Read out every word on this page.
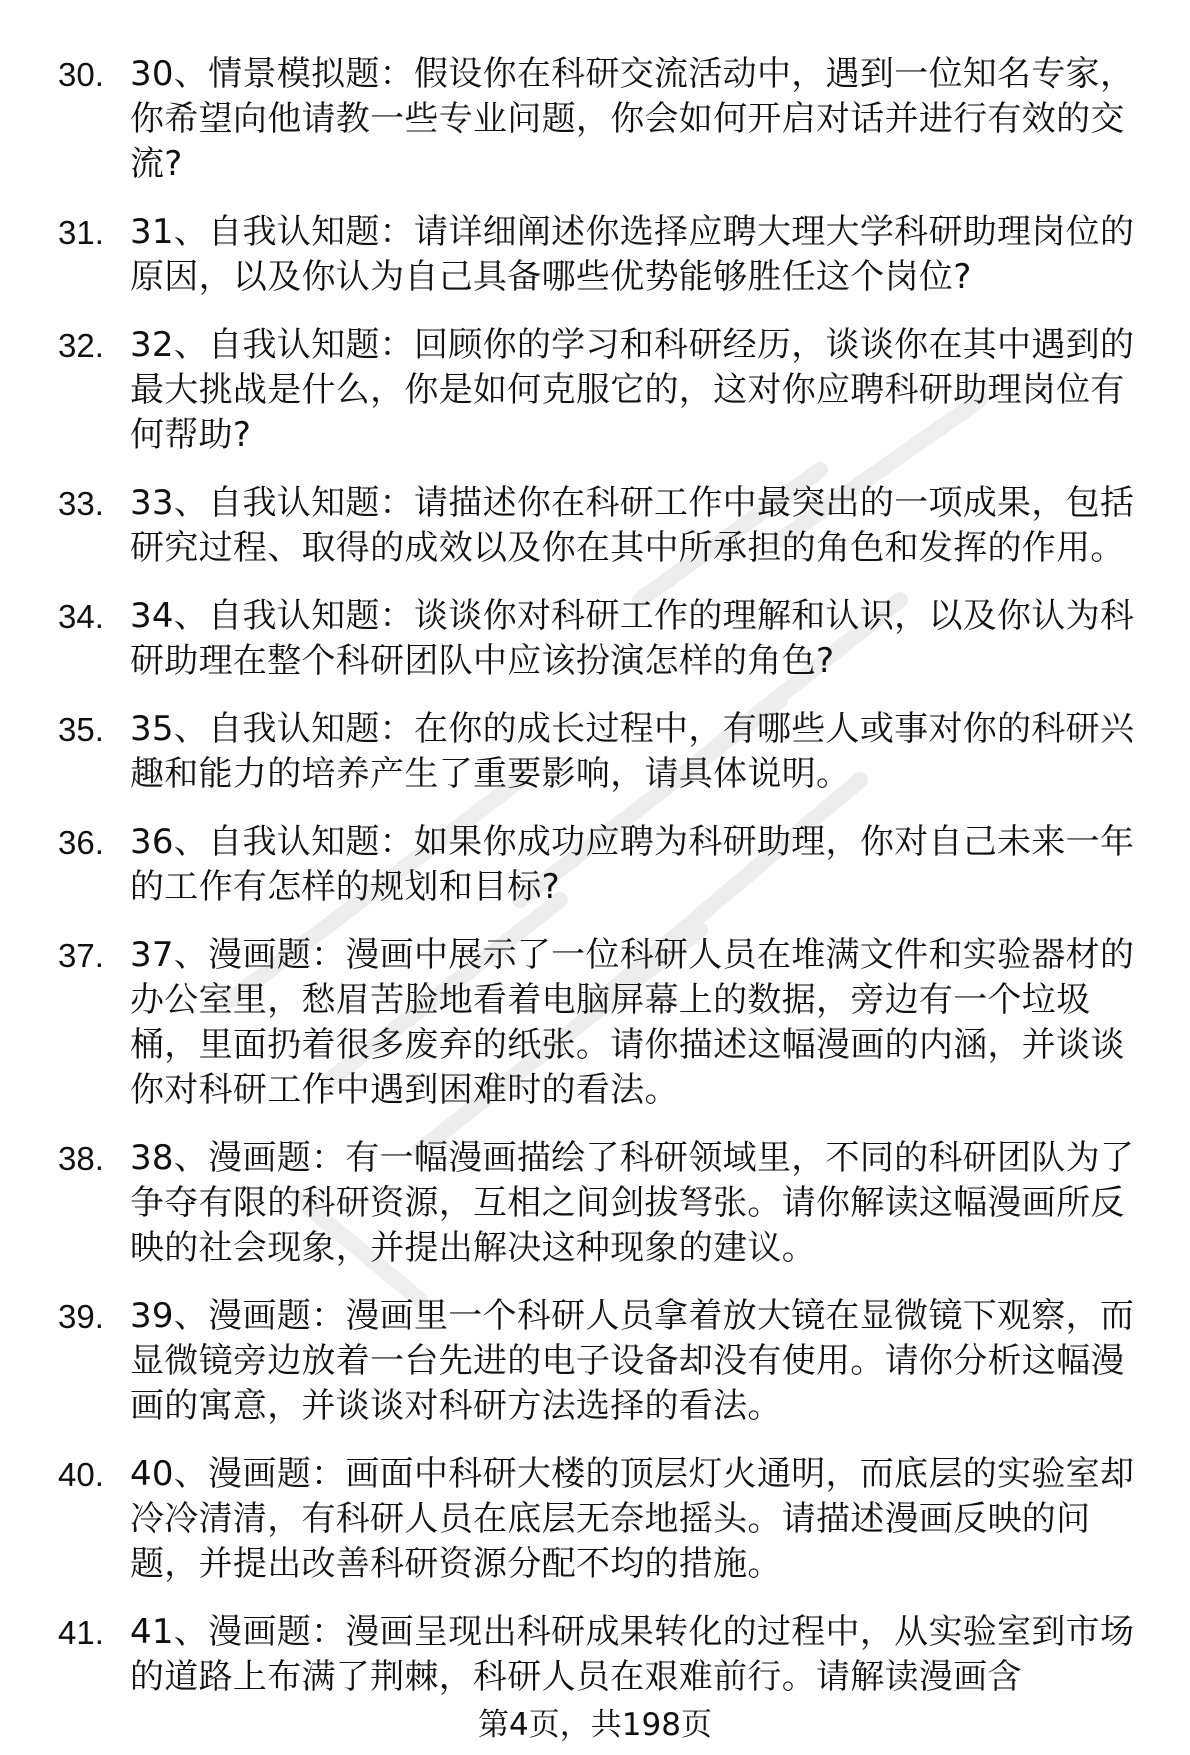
30. 30、情景模拟题：假设你在科研交流活动中，遇到一位知名专家，你希望向他请教一些专业问题，你会如何开启对话并进行有效的交流?
31. 31、自我认知题：请详细阐述你选择应聘大理大学科研助理岗位的原因，以及你认为自己具备哪些优势能够胜任这个岗位?
32. 32、自我认知题：回顾你的学习和科研经历，谈谈你在其中遇到的最大挑战是什么，你是如何克服它的，这对你应聘科研助理岗位有何帮助?
33. 33、自我认知题：请描述你在科研工作中最突出的一项成果，包括研究过程、取得的成效以及你在其中所承担的角色和发挥的作用。
34. 34、自我认知题：谈谈你对科研工作的理解和认识，以及你认为科研助理在整个科研团队中应该扮演怎样的角色?
35. 35、自我认知题：在你的成长过程中，有哪些人或事对你的科研兴趣和能力的培养产生了重要影响，请具体说明。
36. 36、自我认知题：如果你成功应聘为科研助理，你对自己未来一年的工作有怎样的规划和目标?
37. 37、漫画题：漫画中展示了一位科研人员在堆满文件和实验器材的办公室里，愁眉苦脸地看着电脑屏幕上的数据，旁边有一个垃圾桶，里面扔着很多废弃的纸张。请你描述这幅漫画的内涵，并谈谈你对科研工作中遇到困难时的看法。
38. 38、漫画题：有一幅漫画描绘了科研领域里，不同的科研团队为了争夺有限的科研资源，互相之间剑拔弩张。请你解读这幅漫画所反映的社会现象，并提出解决这种现象的建议。
39. 39、漫画题：漫画里一个科研人员拿着放大镜在显微镜下观察，而显微镜旁边放着一台先进的电子设备却没有使用。请你分析这幅漫画的寓意，并谈谈对科研方法选择的看法。
40. 40、漫画题：画面中科研大楼的顶层灯火通明，而底层的实验室却冷冷清清，有科研人员在底层无奈地摇头。请描述漫画反映的问题，并提出改善科研资源分配不均的措施。
41. 41、漫画题：漫画呈现出科研成果转化的过程中，从实验室到市场的道路上布满了荆棘，科研人员在艰难前行。请解读漫画含
第4页，共198页
